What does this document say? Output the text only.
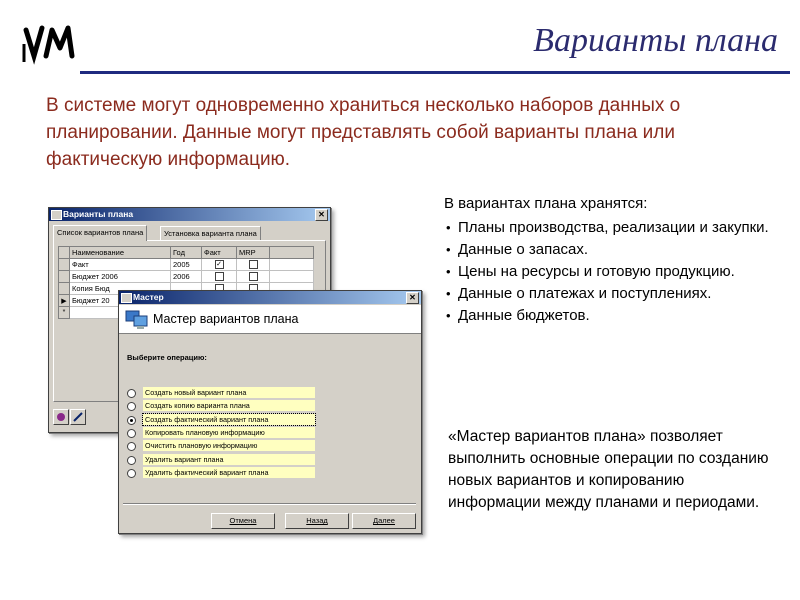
Варианты плана
В системе могут одновременно храниться несколько наборов данных о планировании. Данные могут представлять собой варианты плана или фактическую информацию.
Варианты плана	✕
Список вариантов плана	Установка варианта плана
	Наименование	Год	Факт	MRP	
	Факт	2005	✓		
	Бюджет 2006	2006			
	Копия Бюд				
▶	Бюджет 20				
*					
Мастер	✕
Мастер вариантов плана
Выберите операцию:
Создать новый вариант плана
Создать копию варианта плана
Создать фактический вариант плана
Копировать плановую информацию
Очистить плановую информацию
Удалить вариант плана
Удалить фактический вариант плана
Отмена	Назад	Далее
В вариантах плана хранятся:
• Планы производства, реализации и закупки.
• Данные о запасах.
• Цены на ресурсы и готовую продукцию.
• Данные о платежах и поступлениях.
• Данные бюджетов.
«Мастер вариантов плана» позволяет выполнить основные операции по созданию новых вариантов и копированию информации между планами и периодами.
